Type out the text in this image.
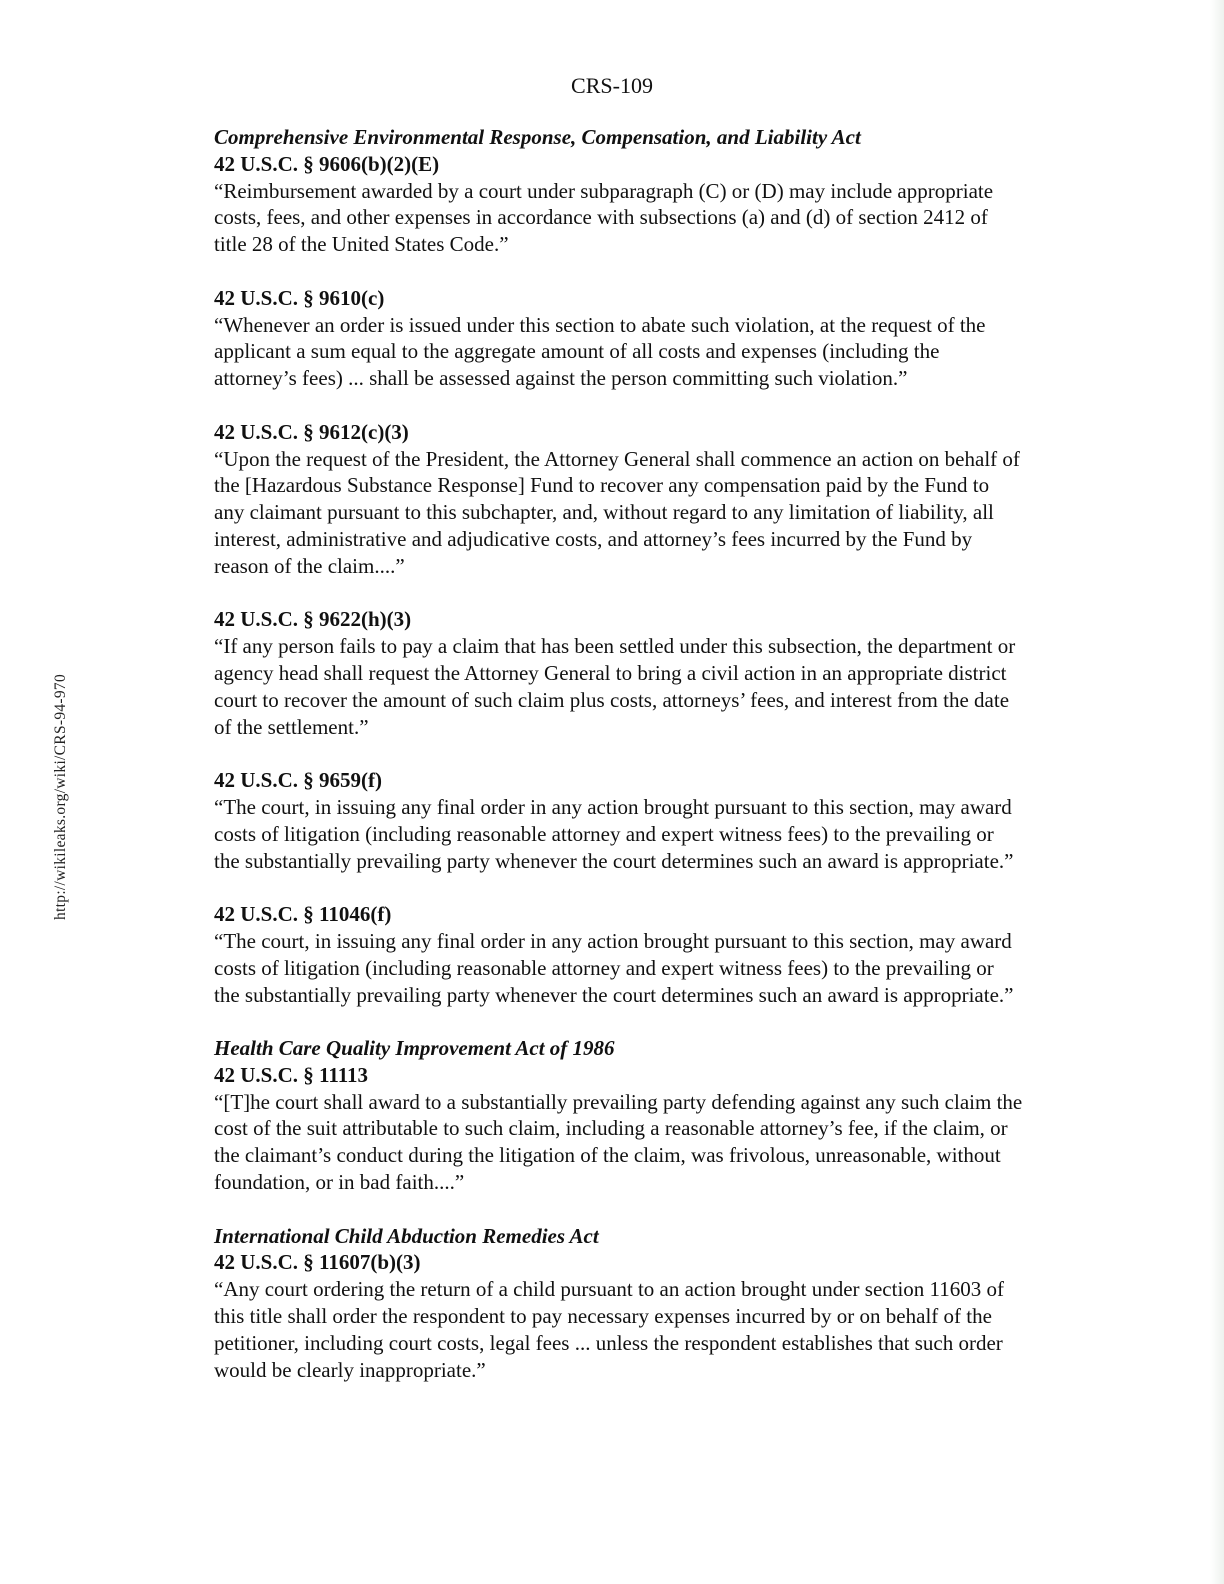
CRS-109
http://wikileaks.org/wiki/CRS-94-970
Comprehensive Environmental Response, Compensation, and Liability Act
42 U.S.C. § 9606(b)(2)(E)

“Reimbursement awarded by a court under subparagraph (C) or (D) may include appropriate costs, fees, and other expenses in accordance with subsections (a) and (d) of section 2412 of title 28 of the United States Code.”

42 U.S.C. § 9610(c)

“Whenever an order is issued under this section to abate such violation, at the request of the applicant a sum equal to the aggregate amount of all costs and expenses (including the attorney’s fees) ... shall be assessed against the person committing such violation.”

42 U.S.C. § 9612(c)(3)

“Upon the request of the President, the Attorney General shall commence an action on behalf of the [Hazardous Substance Response] Fund to recover any compensation paid by the Fund to any claimant pursuant to this subchapter, and, without regard to any limitation of liability, all interest, administrative and adjudicative costs, and attorney’s fees incurred by the Fund by reason of the claim....”

42 U.S.C. § 9622(h)(3)

“If any person fails to pay a claim that has been settled under this subsection, the department or agency head shall request the Attorney General to bring a civil action in an appropriate district court to recover the amount of such claim plus costs, attorneys’ fees, and interest from the date of the settlement.”

42 U.S.C. § 9659(f)

“The court, in issuing any final order in any action brought pursuant to this section, may award costs of litigation (including reasonable attorney and expert witness fees) to the prevailing or the substantially prevailing party whenever the court determines such an award is appropriate.”

42 U.S.C. § 11046(f)

“The court, in issuing any final order in any action brought pursuant to this section, may award costs of litigation (including reasonable attorney and expert witness fees) to the prevailing or the substantially prevailing party whenever the court determines such an award is appropriate.”

Health Care Quality Improvement Act of 1986
42 U.S.C. § 11113

“[T]he court shall award to a substantially prevailing party defending against any such claim the cost of the suit attributable to such claim, including a reasonable attorney’s fee, if the claim, or the claimant’s conduct during the litigation of the claim, was frivolous, unreasonable, without foundation, or in bad faith....”

International Child Abduction Remedies Act
42 U.S.C. § 11607(b)(3)

“Any court ordering the return of a child pursuant to an action brought under section 11603 of this title shall order the respondent to pay necessary expenses incurred by or on behalf of the petitioner, including court costs, legal fees ... unless the respondent establishes that such order would be clearly inappropriate.”
